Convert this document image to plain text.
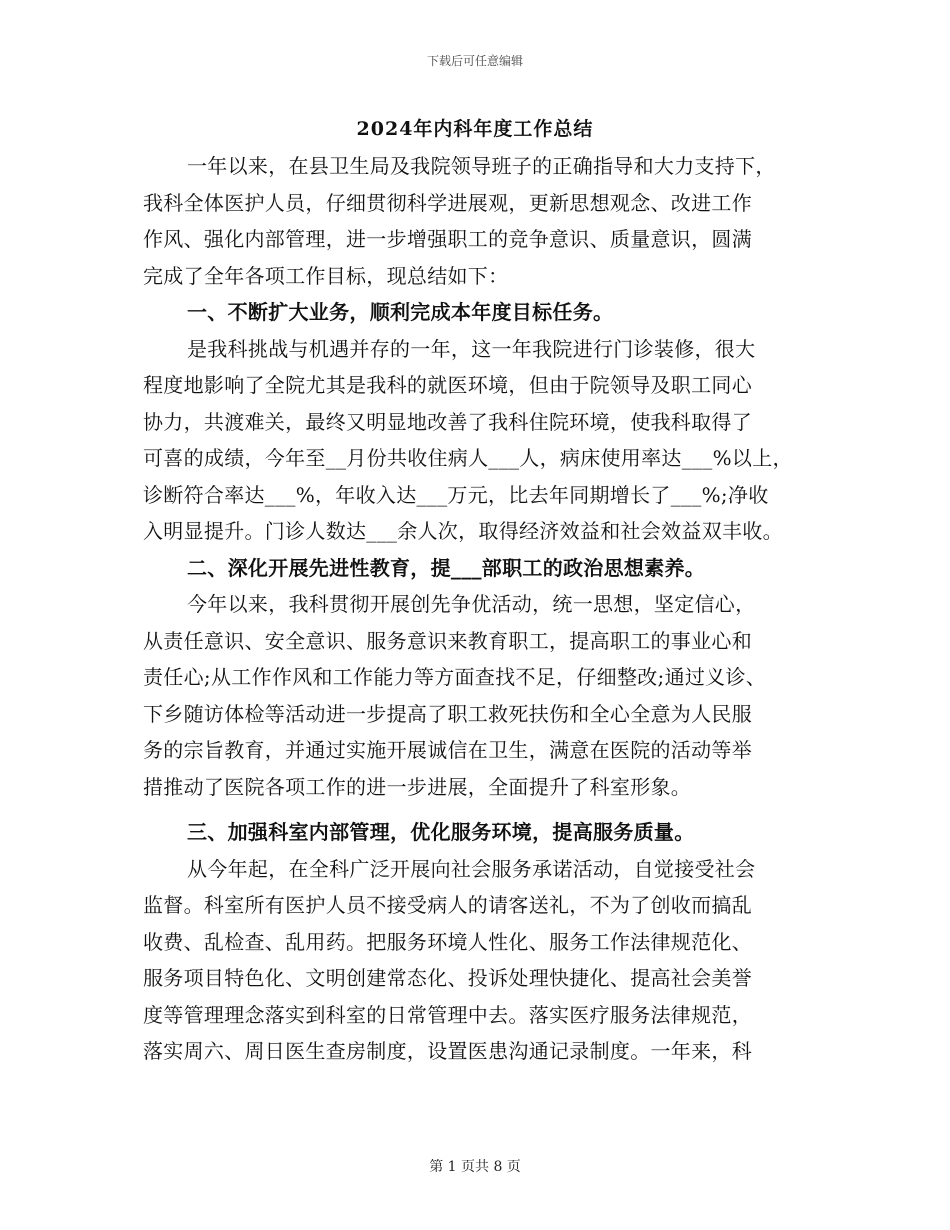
下载后可任意编辑
2024年内科年度工作总结
一年以来，在县卫生局及我院领导班子的正确指导和大力支持下，
我科全体医护人员，仔细贯彻科学进展观，更新思想观念、改进工作
作风、强化内部管理，进一步增强职工的竞争意识、质量意识，圆满
完成了全年各项工作目标，现总结如下：
一、不断扩大业务，顺利完成本年度目标任务。
是我科挑战与机遇并存的一年，这一年我院进行门诊装修，很大
程度地影响了全院尤其是我科的就医环境，但由于院领导及职工同心
协力，共渡难关，最终又明显地改善了我科住院环境，使我科取得了
可喜的成绩，今年至__月份共收住病人___人，病床使用率达___%以上，
诊断符合率达___%，年收入达___万元，比去年同期增长了___%;净收
入明显提升。门诊人数达___余人次，取得经济效益和社会效益双丰收。
二、深化开展先进性教育，提___部职工的政治思想素养。
今年以来，我科贯彻开展创先争优活动，统一思想，坚定信心，
从责任意识、安全意识、服务意识来教育职工，提高职工的事业心和
责任心;从工作作风和工作能力等方面查找不足，仔细整改;通过义诊、
下乡随访体检等活动进一步提高了职工救死扶伤和全心全意为人民服
务的宗旨教育，并通过实施开展诚信在卫生，满意在医院的活动等举
措推动了医院各项工作的进一步进展，全面提升了科室形象。
三、加强科室内部管理，优化服务环境，提高服务质量。
从今年起，在全科广泛开展向社会服务承诺活动，自觉接受社会
监督。科室所有医护人员不接受病人的请客送礼，不为了创收而搞乱
收费、乱检查、乱用药。把服务环境人性化、服务工作法律规范化、
服务项目特色化、文明创建常态化、投诉处理快捷化、提高社会美誉
度等管理理念落实到科室的日常管理中去。落实医疗服务法律规范，
落实周六、周日医生查房制度，设置医患沟通记录制度。一年来，科
第 1 页共 8 页
